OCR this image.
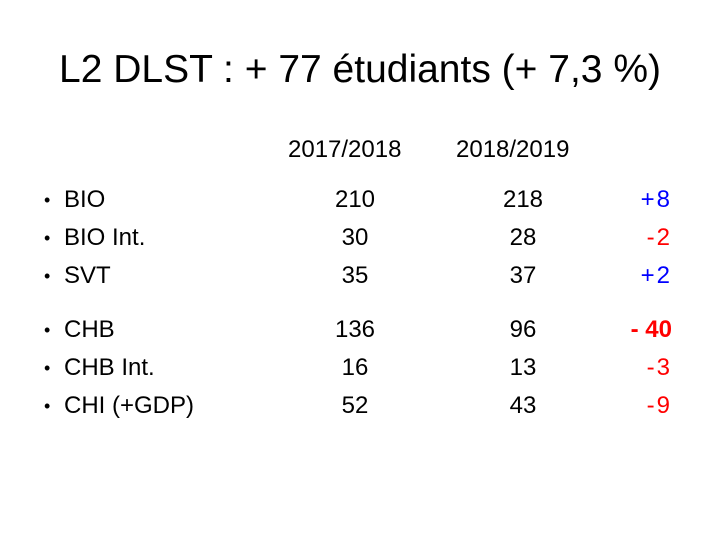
L2 DLST : + 77 étudiants (+ 7,3 %)
2017/2018 2018/2019
• BIO	210	218	+8
• BIO Int.	30	28	-2
• SVT	35	37	+2
• CHB	136	96	- 40
• CHB Int.	16	13	-3
• CHI (+GDP)	52	43	-9
